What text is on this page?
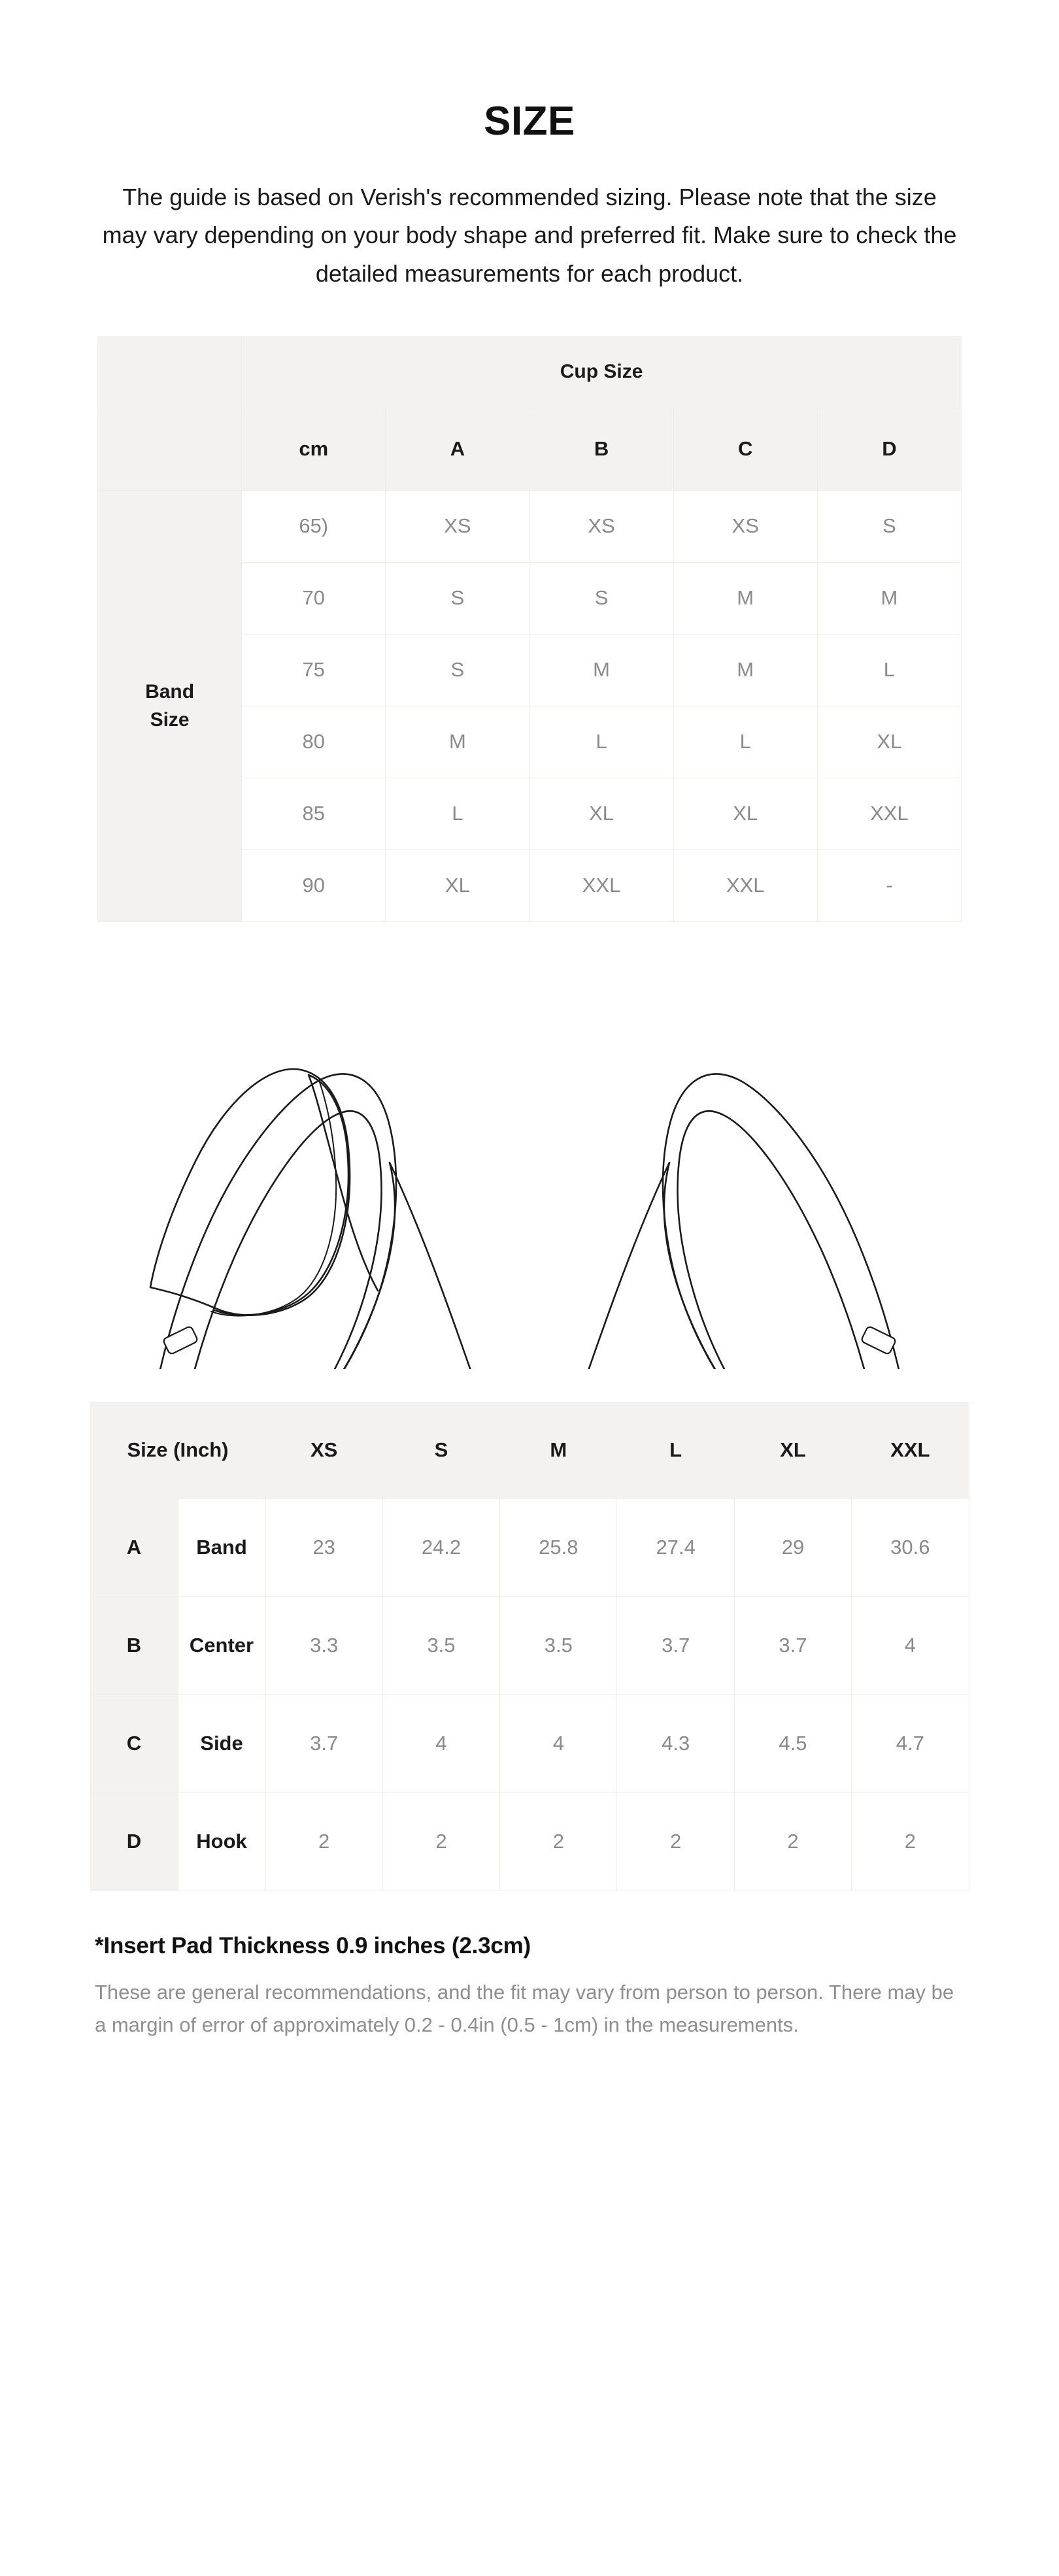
SIZE

The guide is based on Verish's recommended sizing. Please note that the size may vary depending on your body shape and preferred fit. Make sure to check the detailed measurements for each product.

	Cup Size				
	cm	A	B	C	D
Band
Size	65)	XS	XS	XS	S
	70	S	S	M	M
	75	S	M	M	L
	80	M	L	L	XL
	85	L	XL	XL	XXL
	90	XL	XXL	XXL	-
Size (Inch)		XS	S	M	L	XL	XXL
A	Band	23	24.2	25.8	27.4	29	30.6
B	Center	3.3	3.5	3.5	3.7	3.7	4
C	Side	3.7	4	4	4.3	4.5	4.7
D	Hook	2	2	2	2	2	2

*Insert Pad Thickness 0.9 inches (2.3cm)

These are general recommendations, and the fit may vary from person to person. There may be a margin of error of approximately 0.2 - 0.4in (0.5 - 1cm) in the measurements.
